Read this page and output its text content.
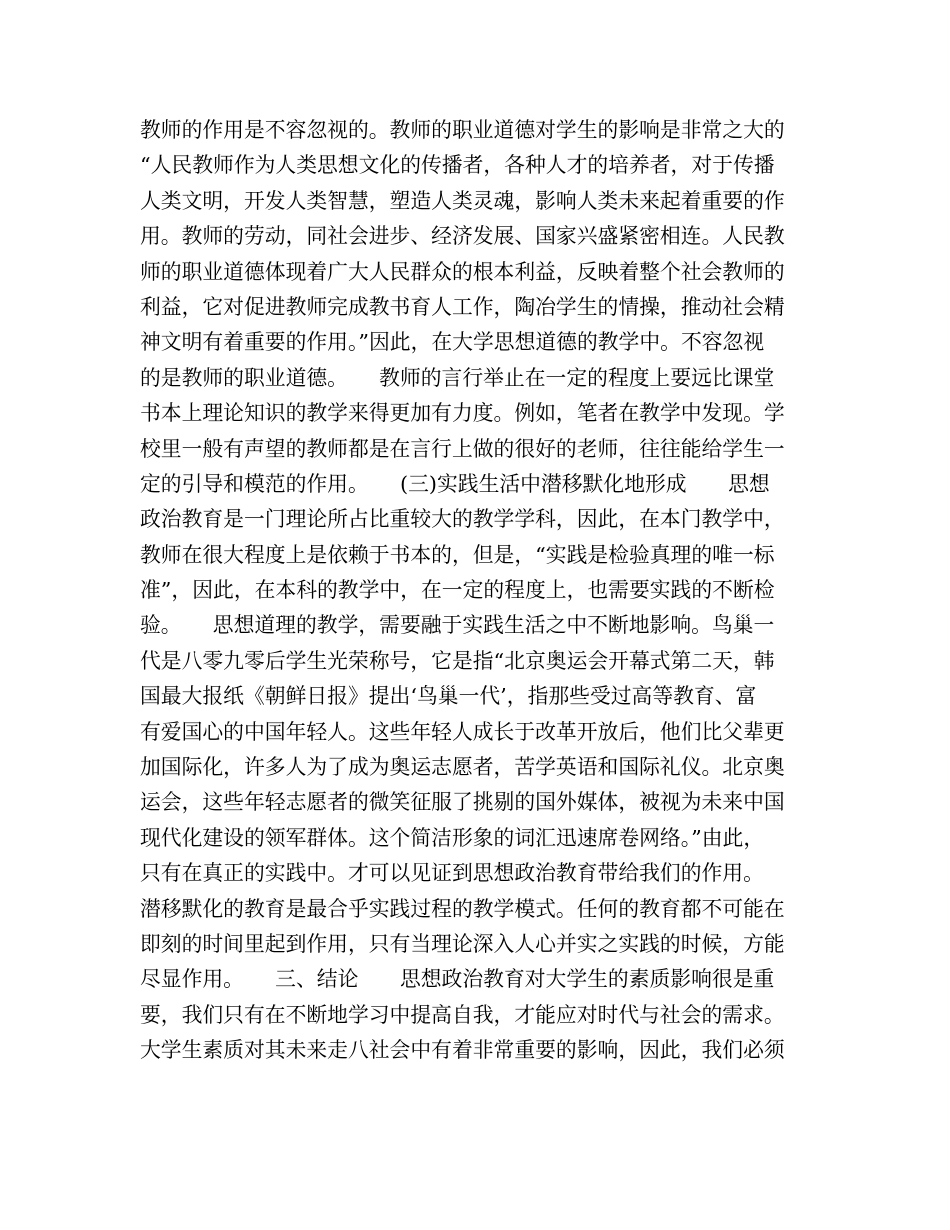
教师的作用是不容忽视的。教师的职业道德对学生的影响是非常之大的
“人民教师作为人类思想文化的传播者，各种人才的培养者，对于传播
人类文明，开发人类智慧，塑造人类灵魂，影响人类未来起着重要的作
用。教师的劳动，同社会进步、经济发展、国家兴盛紧密相连。人民教
师的职业道德体现着广大人民群众的根本利益，反映着整个社会教师的
利益，它对促进教师完成教书育人工作，陶冶学生的情操，推动社会精
神文明有着重要的作用。”因此，在大学思想道德的教学中。不容忽视
的是教师的职业道德。　　教师的言行举止在一定的程度上要远比课堂
书本上理论知识的教学来得更加有力度。例如，笔者在教学中发现。学
校里一般有声望的教师都是在言行上做的很好的老师，往往能给学生一
定的引导和模范的作用。　　(三)实践生活中潜移默化地形成　　思想
政治教育是一门理论所占比重较大的教学学科，因此，在本门教学中，
教师在很大程度上是依赖于书本的，但是，“实践是检验真理的唯一标
准”，因此，在本科的教学中，在一定的程度上，也需要实践的不断检
验。　　思想道理的教学，需要融于实践生活之中不断地影响。鸟巢一
代是八零九零后学生光荣称号，它是指“北京奥运会开幕式第二天，韩
国最大报纸《朝鲜日报》提出‘鸟巢一代’，指那些受过高等教育、富
有爱国心的中国年轻人。这些年轻人成长于改革开放后，他们比父辈更
加国际化，许多人为了成为奥运志愿者，苦学英语和国际礼仪。北京奥
运会，这些年轻志愿者的微笑征服了挑剔的国外媒体，被视为未来中国
现代化建设的领军群体。这个简洁形象的词汇迅速席卷网络。”由此，
只有在真正的实践中。才可以见证到思想政治教育带给我们的作用。
潜移默化的教育是最合乎实践过程的教学模式。任何的教育都不可能在
即刻的时间里起到作用，只有当理论深入人心并实之实践的时候，方能
尽显作用。　　三、结论　　思想政治教育对大学生的素质影响很是重
要，我们只有在不断地学习中提高自我，才能应对时代与社会的需求。
大学生素质对其未来走八社会中有着非常重要的影响，因此，我们必须
